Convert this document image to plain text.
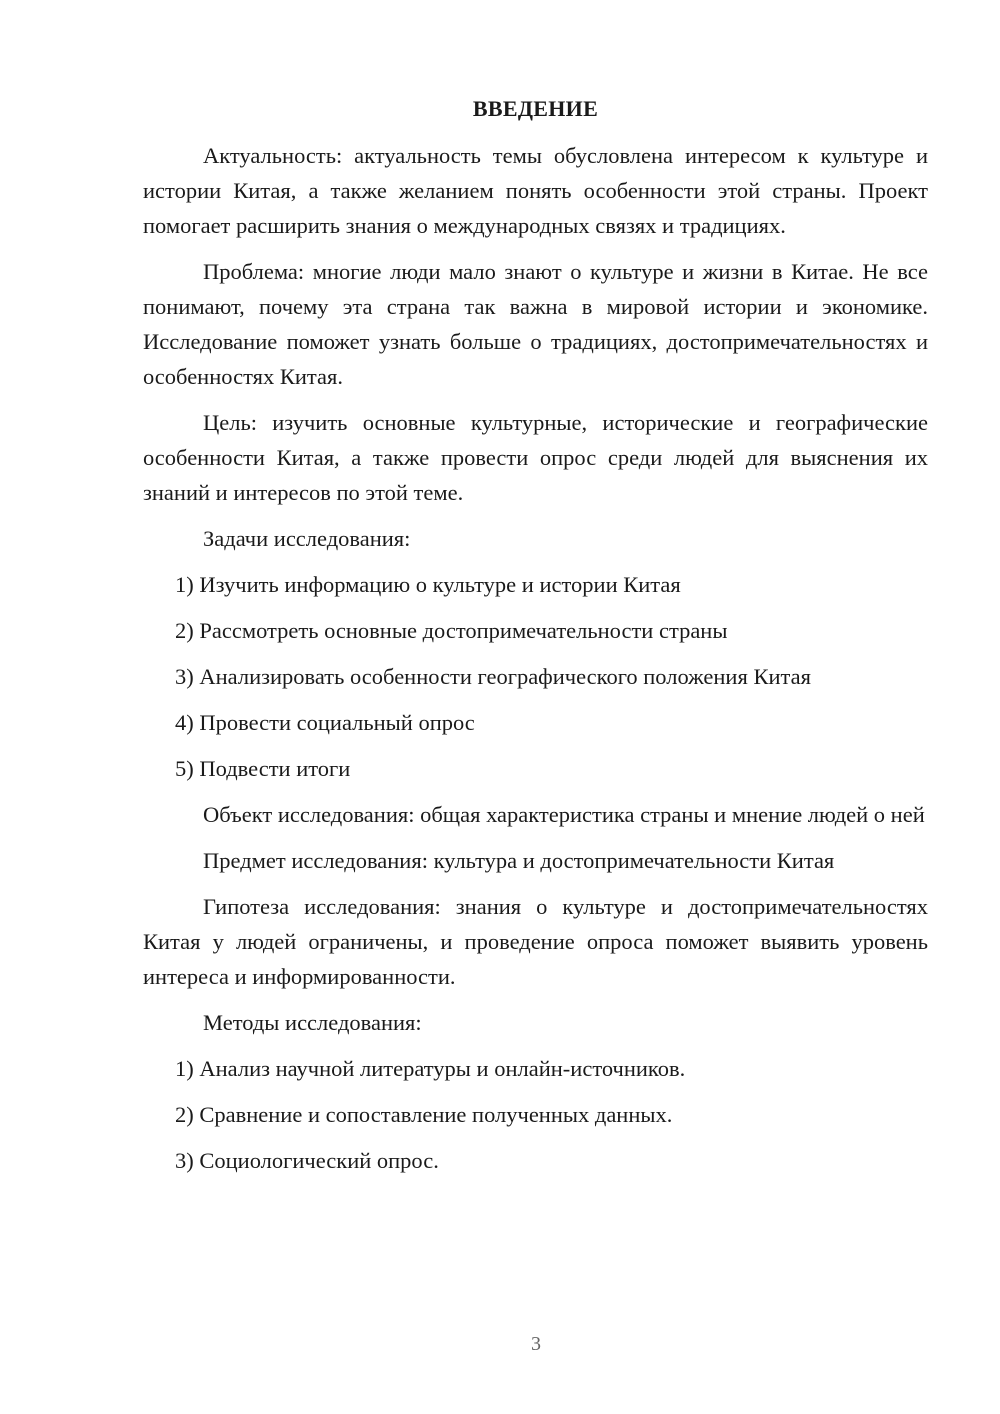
ВВЕДЕНИЕ

Актуальность: актуальность темы обусловлена интересом к культуре и истории Китая, а также желанием понять особенности этой страны. Проект помогает расширить знания о международных связях и традициях.

Проблема: многие люди мало знают о культуре и жизни в Китае. Не все понимают, почему эта страна так важна в мировой истории и экономике. Исследование поможет узнать больше о традициях, достопримечательностях и особенностях Китая.

Цель: изучить основные культурные, исторические и географические особенности Китая, а также провести опрос среди людей для выяснения их знаний и интересов по этой теме.

Задачи исследования:
1) Изучить информацию о культуре и истории Китая
2) Рассмотреть основные достопримечательности страны
3) Анализировать особенности географического положения Китая
4) Провести социальный опрос
5) Подвести итоги

Объект исследования: общая характеристика страны и мнение людей о ней

Предмет исследования: культура и достопримечательности Китая

Гипотеза исследования: знания о культуре и достопримечательностях Китая у людей ограничены, и проведение опроса поможет выявить уровень интереса и информированности.

Методы исследования:
1) Анализ научной литературы и онлайн-источников.
2) Сравнение и сопоставление полученных данных.
3) Социологический опрос.
3
